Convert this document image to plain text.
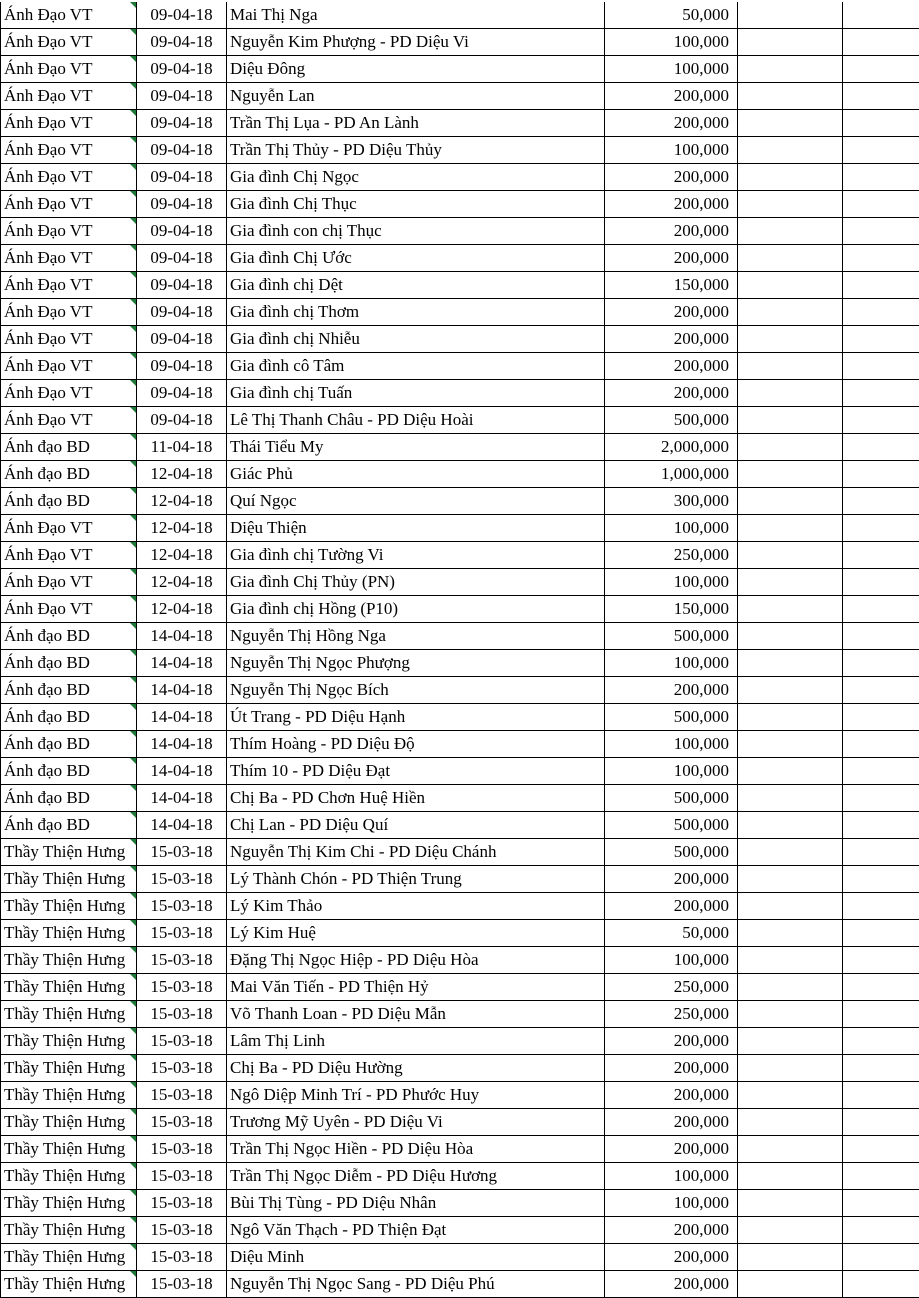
Ánh Đạo VT	09-04-18	Mai Thị Nga	50,000		
Ánh Đạo VT	09-04-18	Nguyễn Kim Phượng - PD Diệu Vi	100,000		
Ánh Đạo VT	09-04-18	Diệu Đông	100,000		
Ánh Đạo VT	09-04-18	Nguyễn Lan	200,000		
Ánh Đạo VT	09-04-18	Trần Thị Lụa - PD An Lành	200,000		
Ánh Đạo VT	09-04-18	Trần Thị Thủy - PD Diệu Thủy	100,000		
Ánh Đạo VT	09-04-18	Gia đình Chị Ngọc	200,000		
Ánh Đạo VT	09-04-18	Gia đình Chị Thục	200,000		
Ánh Đạo VT	09-04-18	Gia đình con chị Thục	200,000		
Ánh Đạo VT	09-04-18	Gia đình Chị Ước	200,000		
Ánh Đạo VT	09-04-18	Gia đình chị Dệt	150,000		
Ánh Đạo VT	09-04-18	Gia đình chị Thơm	200,000		
Ánh Đạo VT	09-04-18	Gia đình chị Nhiễu	200,000		
Ánh Đạo VT	09-04-18	Gia đình cô Tâm	200,000		
Ánh Đạo VT	09-04-18	Gia đình chị Tuấn	200,000		
Ánh Đạo VT	09-04-18	Lê Thị Thanh Châu - PD Diệu Hoài	500,000		
Ánh đạo BD	11-04-18	Thái Tiểu My	2,000,000		
Ánh đạo BD	12-04-18	Giác Phủ	1,000,000		
Ánh đạo BD	12-04-18	Quí Ngọc	300,000		
Ánh Đạo VT	12-04-18	Diệu Thiện	100,000		
Ánh Đạo VT	12-04-18	Gia đình chị Tường Vi	250,000		
Ánh Đạo VT	12-04-18	Gia đình Chị Thủy (PN)	100,000		
Ánh Đạo VT	12-04-18	Gia đình chị Hồng (P10)	150,000		
Ánh đạo BD	14-04-18	Nguyễn Thị Hồng Nga	500,000		
Ánh đạo BD	14-04-18	Nguyễn Thị Ngọc Phượng	100,000		
Ánh đạo BD	14-04-18	Nguyễn Thị Ngọc Bích	200,000		
Ánh đạo BD	14-04-18	Út Trang - PD Diệu Hạnh	500,000		
Ánh đạo BD	14-04-18	Thím Hoàng - PD Diệu Độ	100,000		
Ánh đạo BD	14-04-18	Thím 10 - PD Diệu Đạt	100,000		
Ánh đạo BD	14-04-18	Chị Ba - PD Chơn Huệ Hiền	500,000		
Ánh đạo BD	14-04-18	Chị Lan - PD Diệu Quí	500,000		
Thầy Thiện Hưng	15-03-18	Nguyễn Thị Kim Chi - PD Diệu Chánh	500,000		
Thầy Thiện Hưng	15-03-18	Lý Thành Chón - PD Thiện Trung	200,000		
Thầy Thiện Hưng	15-03-18	Lý Kim Thảo	200,000		
Thầy Thiện Hưng	15-03-18	Lý Kim Huệ	50,000		
Thầy Thiện Hưng	15-03-18	Đặng Thị Ngọc Hiệp - PD Diệu Hòa	100,000		
Thầy Thiện Hưng	15-03-18	Mai Văn Tiến - PD Thiện Hỷ	250,000		
Thầy Thiện Hưng	15-03-18	Võ Thanh Loan - PD Diệu Mẫn	250,000		
Thầy Thiện Hưng	15-03-18	Lâm Thị Linh	200,000		
Thầy Thiện Hưng	15-03-18	Chị Ba - PD Diệu Hường	200,000		
Thầy Thiện Hưng	15-03-18	Ngô Diệp Minh Trí - PD Phước Huy	200,000		
Thầy Thiện Hưng	15-03-18	Trương Mỹ Uyên - PD Diệu Vi	200,000		
Thầy Thiện Hưng	15-03-18	Trần Thị Ngọc Hiền - PD Diệu Hòa	200,000		
Thầy Thiện Hưng	15-03-18	Trần Thị Ngọc Diễm - PD Diệu Hương	100,000		
Thầy Thiện Hưng	15-03-18	Bùi Thị Tùng - PD Diệu Nhân	100,000		
Thầy Thiện Hưng	15-03-18	Ngô Văn Thạch - PD Thiện Đạt	200,000		
Thầy Thiện Hưng	15-03-18	Diệu Minh	200,000		
Thầy Thiện Hưng	15-03-18	Nguyễn Thị Ngọc Sang - PD Diệu Phú	200,000		
